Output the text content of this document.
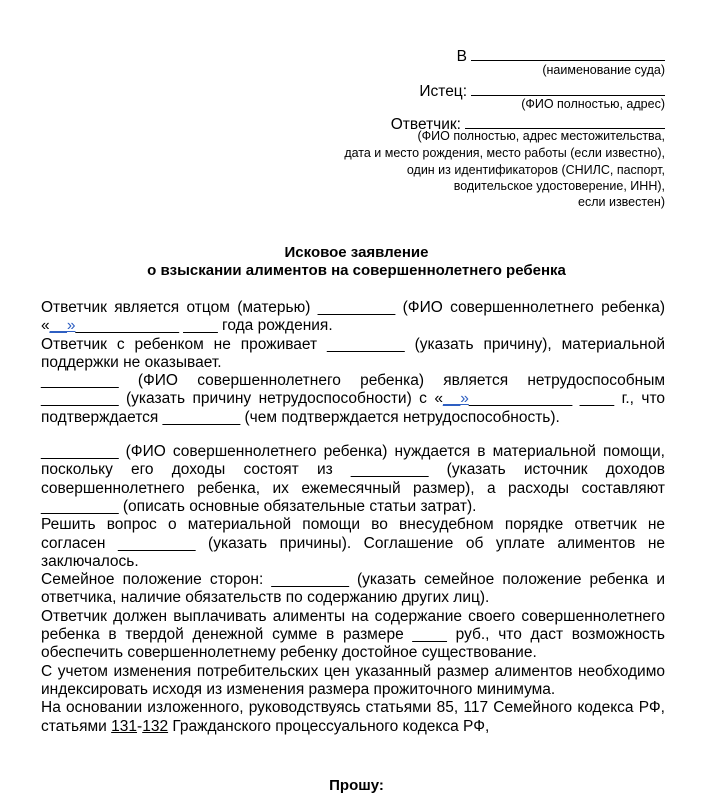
В
(наименование суда)
Истец:
(ФИО полностью, адрес)
Ответчик:
(ФИО полностью, адрес местожительства,
дата и место рождения, место работы (если известно),
один из идентификаторов (СНИЛС, паспорт,
водительское удостоверение, ИНН),
если известен)
Исковое заявление
о взыскании алиментов на совершеннолетнего ребенка

Ответчик является отцом (матерью) _________ (ФИО совершеннолетнего ребенка) «__»____________ ____ года рождения.

Ответчик с ребенком не проживает _________ (указать причину), материальной поддержки не оказывает.

_________ (ФИО совершеннолетнего ребенка) является нетрудоспособным _________ (указать причину нетрудоспособности) с «__»____________ ____ г., что подтверждается _________ (чем подтверждается нетрудоспособность).

_________ (ФИО совершеннолетнего ребенка) нуждается в материальной помощи, поскольку его доходы состоят из _________ (указать источник доходов совершеннолетнего ребенка, их ежемесячный размер), а расходы составляют _________ (описать основные обязательные статьи затрат).

Решить вопрос о материальной помощи во внесудебном порядке ответчик не согласен _________ (указать причины). Соглашение об уплате алиментов не заключалось.

Семейное положение сторон: _________ (указать семейное положение ребенка и ответчика, наличие обязательств по содержанию других лиц).

Ответчик должен выплачивать алименты на содержание своего совершеннолетнего ребенка в твердой денежной сумме в размере ____ руб., что даст возможность обеспечить совершеннолетнему ребенку достойное существование.

С учетом изменения потребительских цен указанный размер алиментов необходимо индексировать исходя из изменения размера прожиточного минимума.

На основании изложенного, руководствуясь статьями 85, 117 Семейного кодекса РФ, статьями 131-132 Гражданского процессуального кодекса РФ,

Прошу:
